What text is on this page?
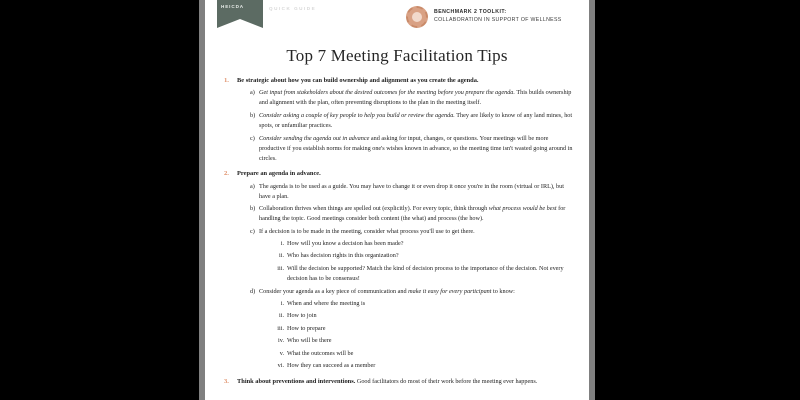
HEICDA	QUICK GUIDE
BENCHMARK 2 TOOLKIT:
COLLABORATION IN SUPPORT OF WELLNESS
Top 7 Meeting Facilitation Tips
1.	Be strategic about how you can build ownership and alignment as you create the agenda.
a) Get input from stakeholders about the desired outcomes for the meeting before you prepare the agenda. This builds ownership and alignment with the plan, often preventing disruptions to the plan in the meeting itself.
b) Consider asking a couple of key people to help you build or review the agenda. They are likely to know of any land mines, hot spots, or unfamiliar practices.
c) Consider sending the agenda out in advance and asking for input, changes, or questions. Your meetings will be more productive if you establish norms for making one's wishes known in advance, so the meeting time isn't wasted going around in circles.
2.	Prepare an agenda in advance.
a) The agenda is to be used as a guide. You may have to change it or even drop it once you're in the room (virtual or IRL), but have a plan.
b) Collaboration thrives when things are spelled out (explicitly). For every topic, think through what process would be best for handling the topic. Good meetings consider both content (the what) and process (the how).
c) If a decision is to be made in the meeting, consider what process you'll use to get there.
i. How will you know a decision has been made?
ii. Who has decision rights in this organization?
iii. Will the decision be supported? Match the kind of decision process to the importance of the decision. Not every decision has to be consensus!
d) Consider your agenda as a key piece of communication and make it easy for every participant to know:
i. When and where the meeting is
ii. How to join
iii. How to prepare
iv. Who will be there
v. What the outcomes will be
vi. How they can succeed as a member
3.	Think about preventions and interventions. Good facilitators do most of their work before the meeting ever happens.
